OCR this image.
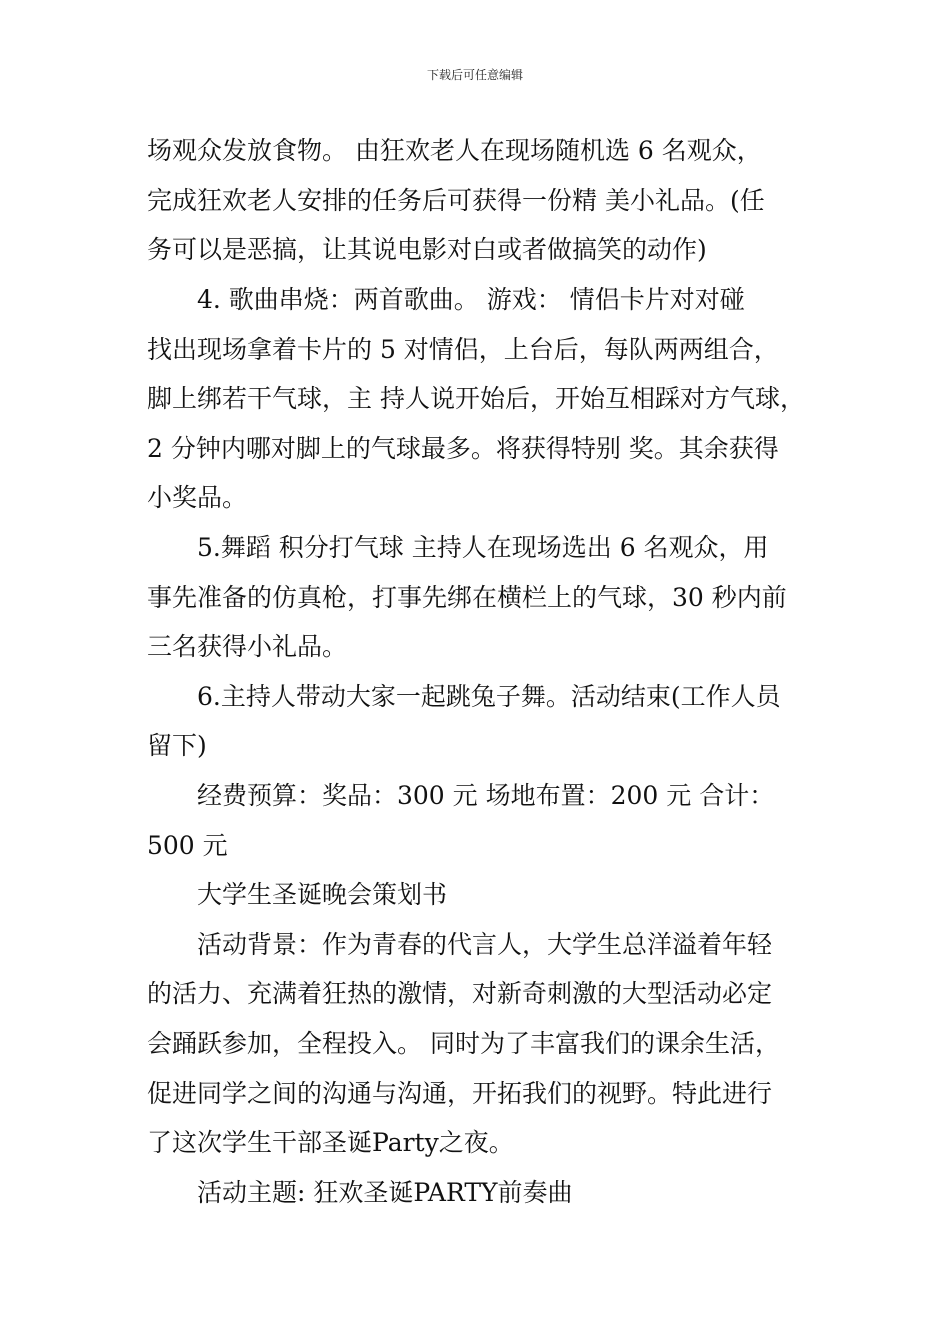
下载后可任意编辑
场观众发放食物。 由狂欢老人在现场随机选 6 名观众，
完成狂欢老人安排的任务后可获得一份精 美小礼品。(任
务可以是恶搞，让其说电影对白或者做搞笑的动作)
4. 歌曲串烧：两首歌曲。 游戏： 情侣卡片对对碰
找出现场拿着卡片的 5 对情侣，上台后，每队两两组合，
脚上绑若干气球，主 持人说开始后，开始互相踩对方气球，
2 分钟内哪对脚上的气球最多。将获得特别 奖。其余获得
小奖品。
5.舞蹈 积分打气球 主持人在现场选出 6 名观众，用
事先准备的仿真枪，打事先绑在横栏上的气球，30 秒内前
三名获得小礼品。
6.主持人带动大家一起跳兔子舞。活动结束(工作人员
留下)
经费预算：奖品：300 元 场地布置：200 元 合计：
500 元
大学生圣诞晚会策划书
活动背景：作为青春的代言人，大学生总洋溢着年轻
的活力、充满着狂热的激情，对新奇刺激的大型活动必定
会踊跃参加，全程投入。 同时为了丰富我们的课余生活，
促进同学之间的沟通与沟通，开拓我们的视野。特此进行
了这次学生干部圣诞Party之夜。
活动主题: 狂欢圣诞PARTY前奏曲
